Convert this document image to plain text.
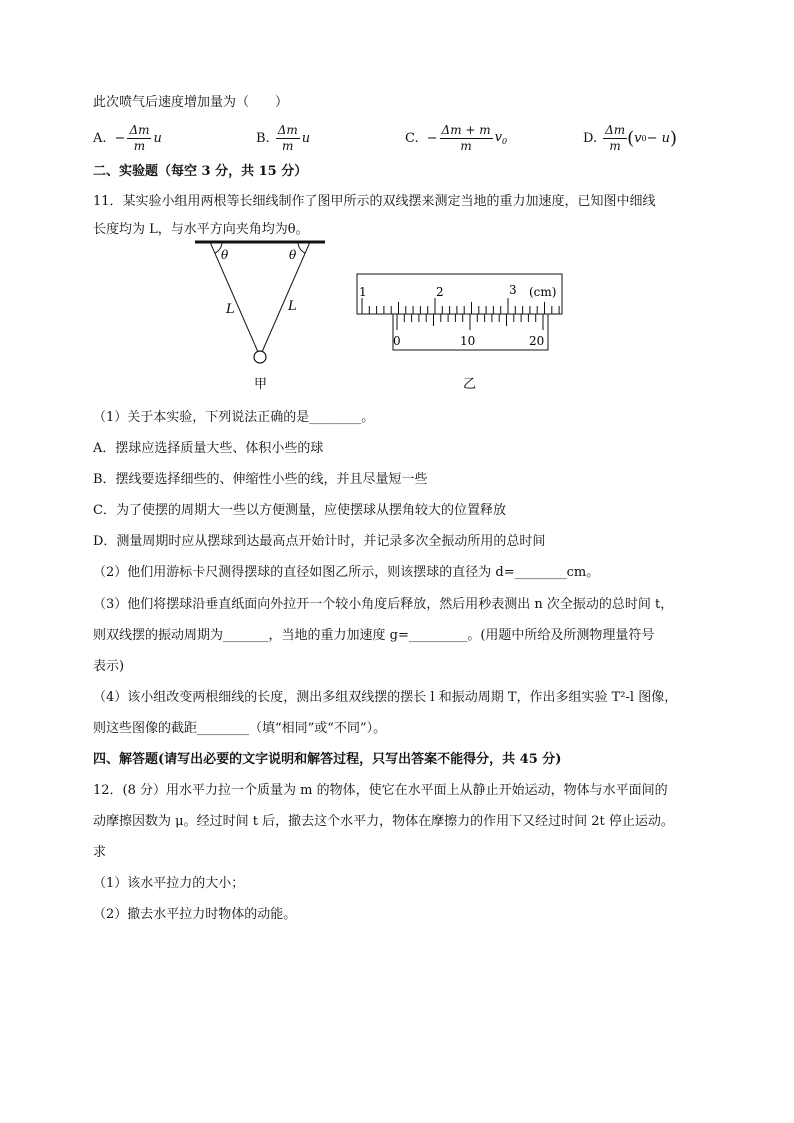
此次喷气后速度增加量为（　　）
A. − $\frac{\Delta m}{m}$ u	B. $\frac{\Delta m}{m}$ u	C. − $\frac{\Delta m + m}{m} v_0$	D. $\frac{\Delta m}{m}$ ( v 0 − u )
二、实验题（每空 3 分，共 15 分）
11．某实验小组用两根等长细线制作了图甲所示的双线摆来测定当地的重力加速度，已知图中细线
长度均为 L，与水平方向夹角均为θ。
θ	θ
L	L
甲
1	2	3 (cm)
0	10	20
乙
（1）关于本实验，下列说法正确的是________。
A．摆球应选择质量大些、体积小些的球
B．摆线要选择细些的、伸缩性小些的线，并且尽量短一些
C．为了使摆的周期大一些以方便测量，应使摆球从摆角较大的位置释放
D．测量周期时应从摆球到达最高点开始计时，并记录多次全振动所用的总时间
（2）他们用游标卡尺测得摆球的直径如图乙所示，则该摆球的直径为 d=________cm。
（3）他们将摆球沿垂直纸面向外拉开一个较小角度后释放，然后用秒表测出 n 次全振动的总时间 t，
则双线摆的振动周期为_______，当地的重力加速度 g=_________。(用题中所给及所测物理量符号
表示)
（4）该小组改变两根细线的长度，测出多组双线摆的摆长 l 和振动周期 T，作出多组实验 T²-l 图像，
则这些图像的截距________（填“相同”或“不同”）。
四、解答题(请写出必要的文字说明和解答过程，只写出答案不能得分，共 45 分)
12．(8 分）用水平力拉一个质量为 m 的物体，使它在水平面上从静止开始运动，物体与水平面间的
动摩擦因数为 μ。经过时间 t 后，撤去这个水平力，物体在摩擦力的作用下又经过时间 2t 停止运动。
求
（1）该水平拉力的大小；
（2）撤去水平拉力时物体的动能。
